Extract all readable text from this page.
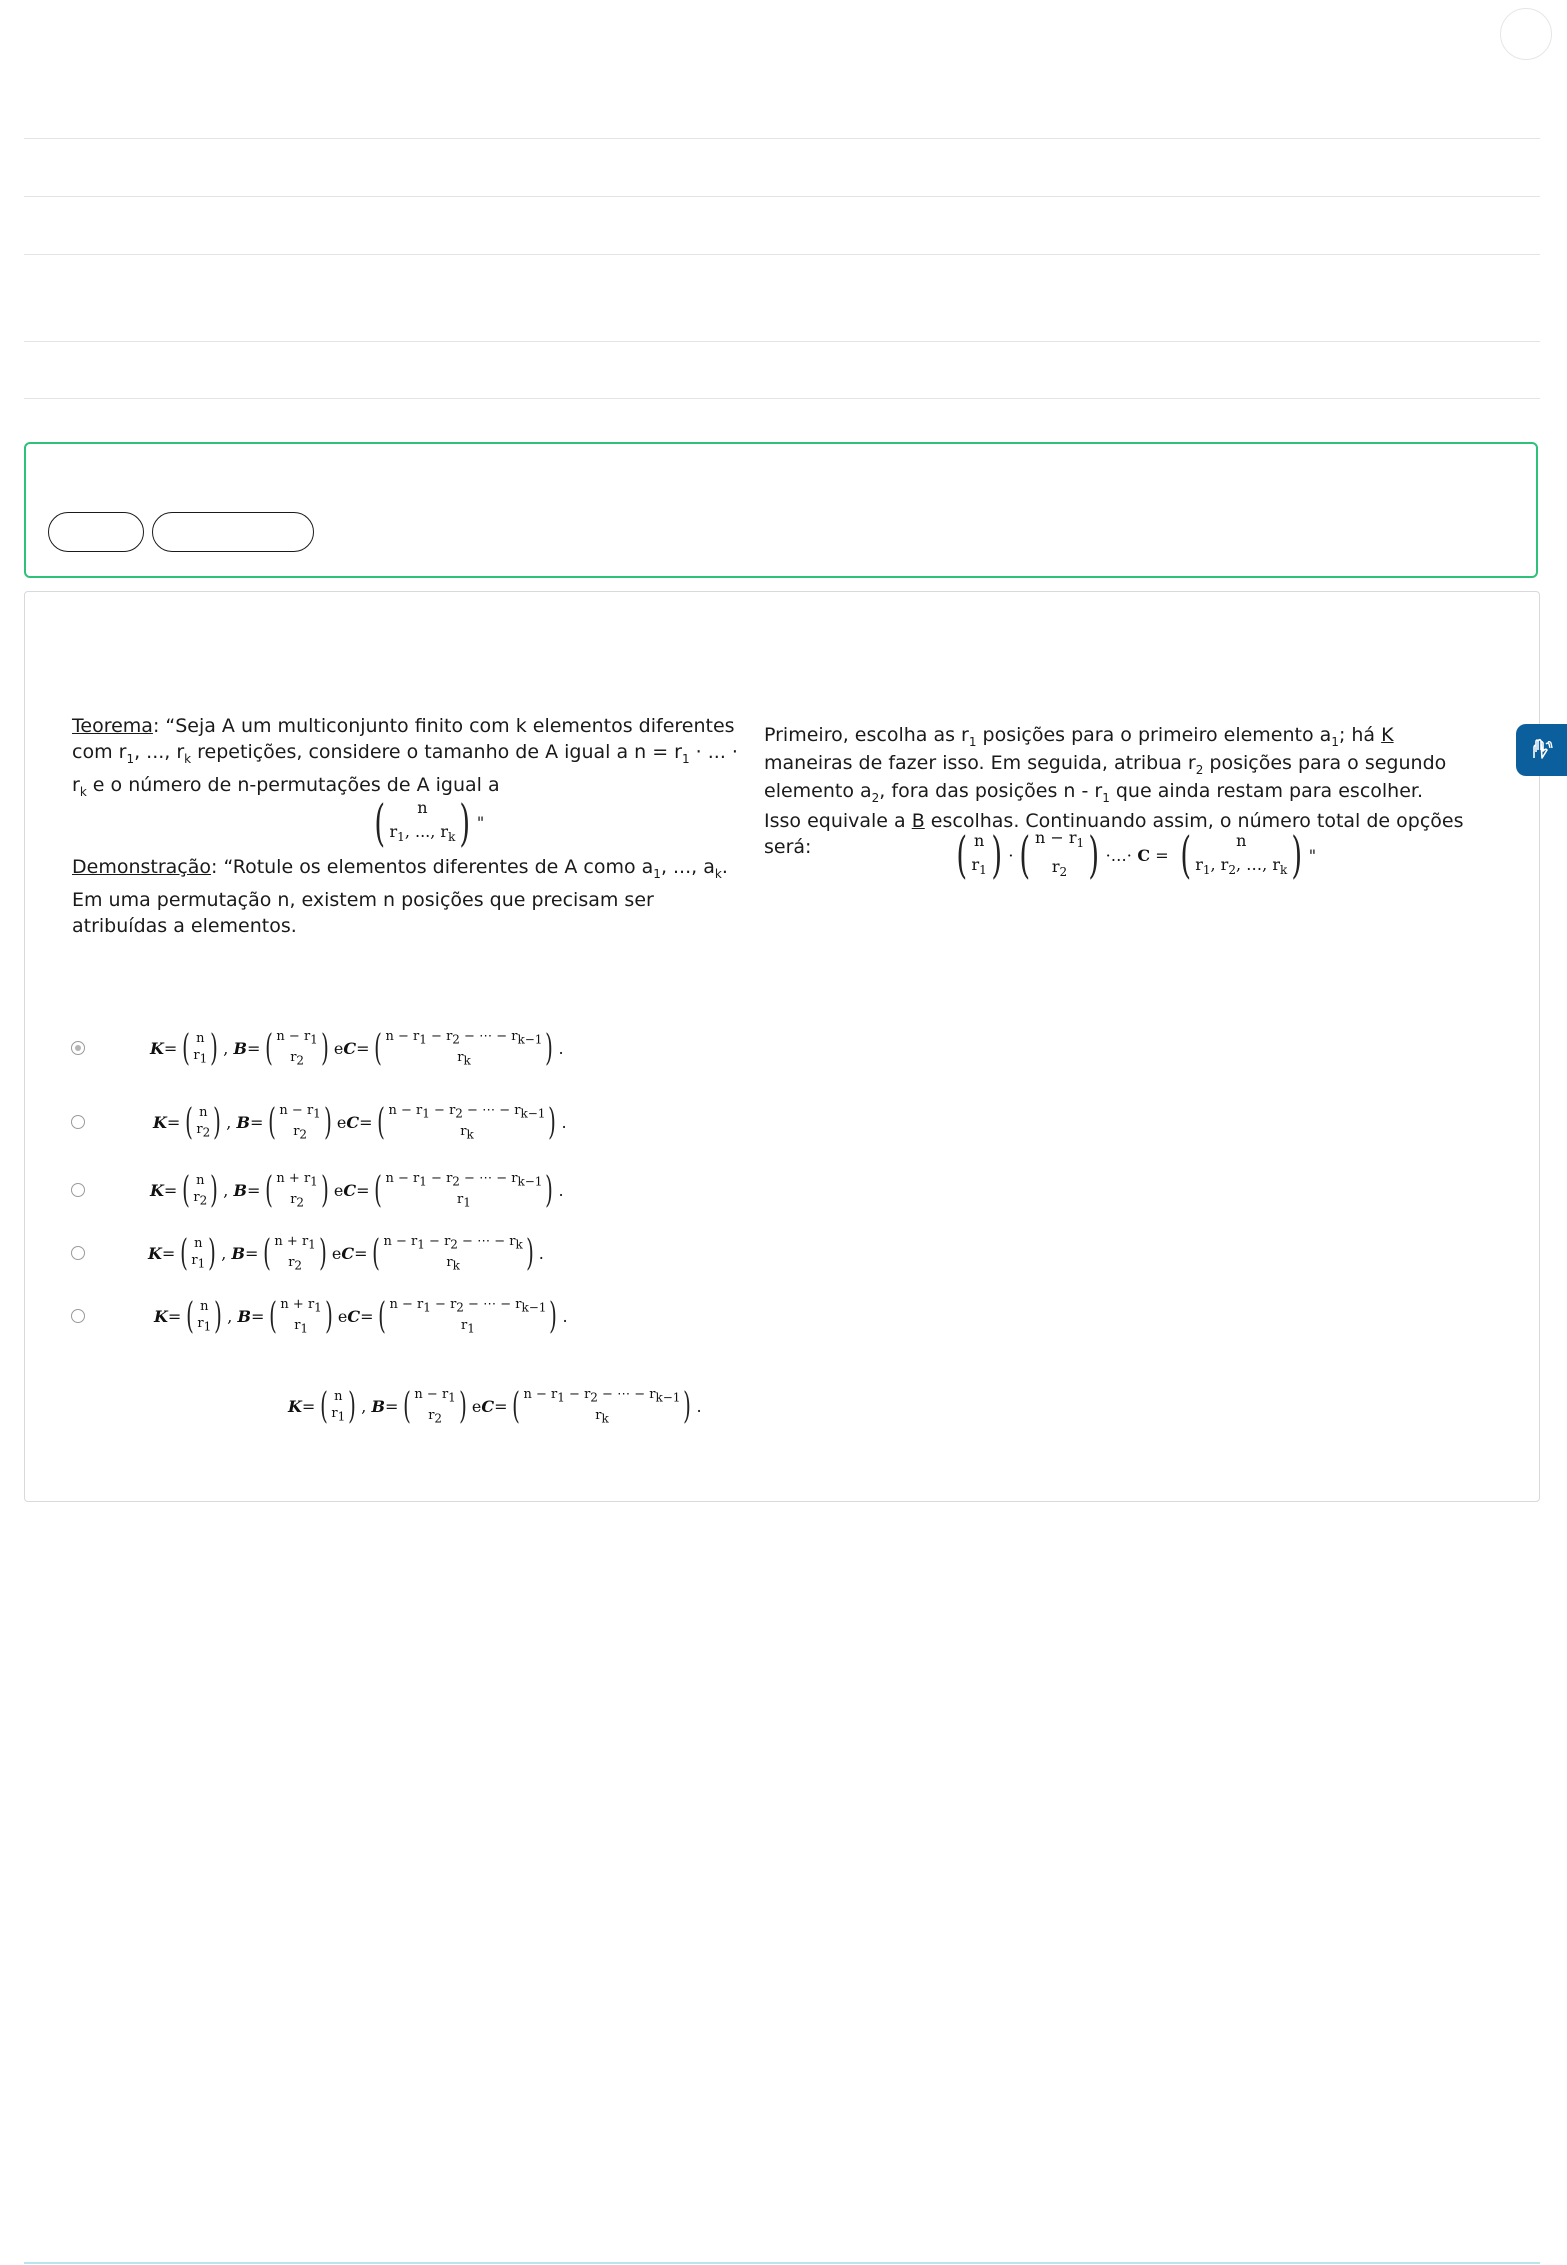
Teorema: “Seja A um multiconjunto finito com k elementos diferentes com $r_1$, ..., $r_k$ repetições, considere o tamanho de A igual a $n = r_1$ · ... · $r_k$ e o número de n-permutações de A igual a
( n
$r_1$, ..., $r_k$ ) "
Demonstração: “Rotule os elementos diferentes de A como $a_1$, ..., $a_k$. Em uma permutação n, existem n posições que precisam ser atribuídas a elementos.
Primeiro, escolha as $r_1$ posições para o primeiro elemento $a_1$; há K maneiras de fazer isso. Em seguida, atribua $r_2$ posições para o segundo elemento $a_2$, fora das posições n - $r_1$ que ainda restam para escolher.
Isso equivale a B escolhas. Continuando assim, o número total de opções será:	( n
$r_1$ ) · ( $n - r_1$
$r_2$ ) ·…· C = (	n
$r_1$, $r_2$, …, $r_k$ ) "
K = ( n
$r_1$ ) , B = ( $n - r_1$
$r_2$ ) e C = ( $n - r_1 - r_2$ − ⋯ − $r_{k-1}$
$r_k$ ) .
K = ( n
$r_2$ ) , B = ( $n - r_1$
$r_2$ ) e C = ( $n - r_1 - r_2$ − ⋯ − $r_{k-1}$
$r_k$ ) .
K = ( n
$r_2$ ) , B = ( $n + r_1$
$r_2$ ) e C = ( $n - r_1 - r_2$ − ⋯ − $r_{k-1}$
$r_1$ ) .
K = ( n
$r_1$ ) , B = ( $n + r_1$
$r_2$ ) e C = ( $n - r_1 - r_2$ − ⋯ − $r_k$
$r_k$ ) .
K = ( n
$r_1$ ) , B = ( $n + r_1$
$r_1$ ) e C = ( $n - r_1 - r_2$ − ⋯ − $r_{k-1}$
$r_1$ ) .
K = ( n
$r_1$ ) , B = ( $n - r_1$
$r_2$ ) e C = ( $n - r_1 - r_2$ − ⋯ − $r_{k-1}$
$r_k$ ) .
